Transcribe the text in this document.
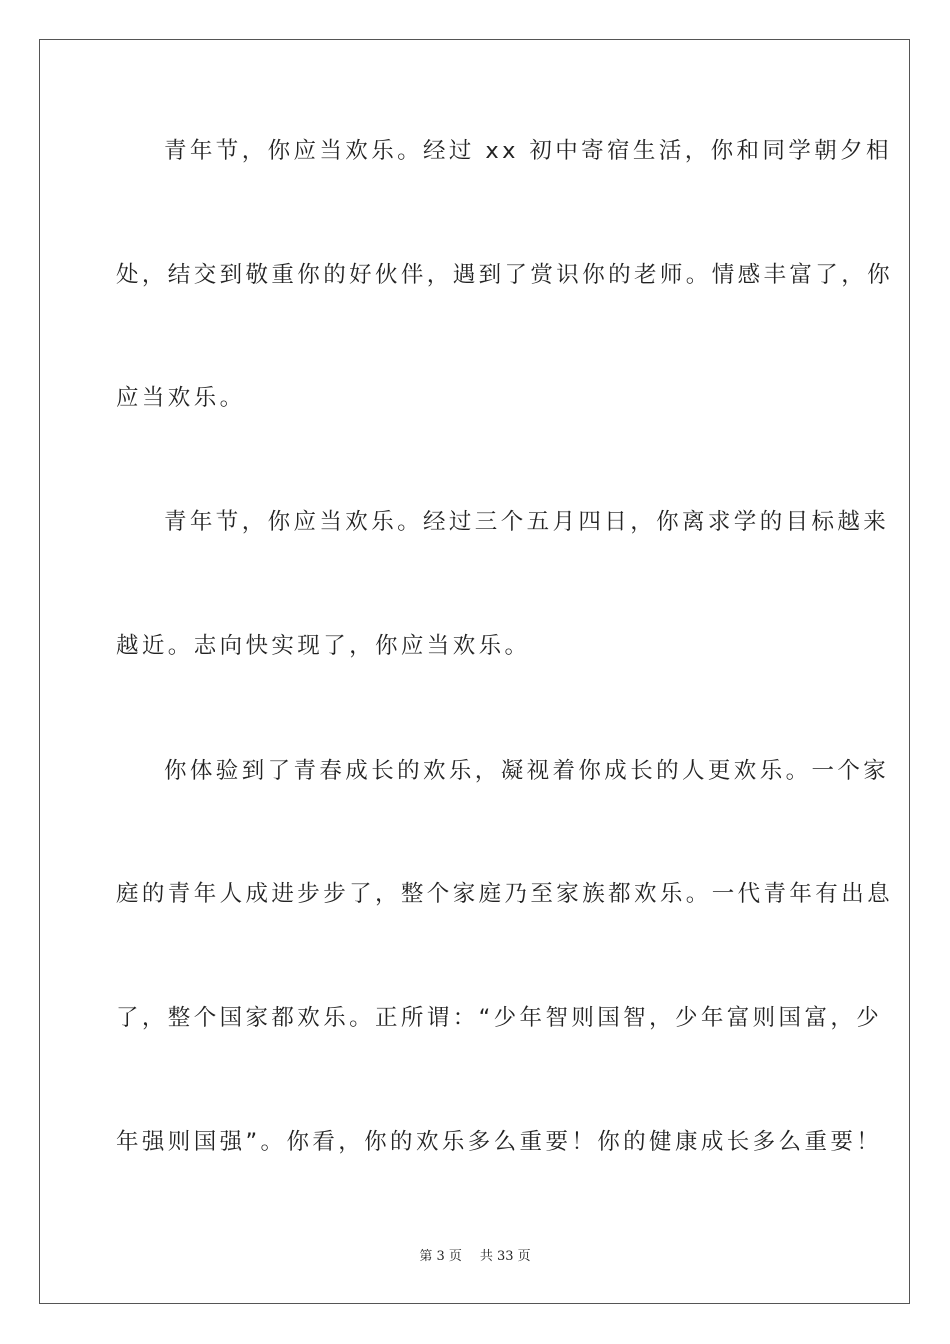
青年节，你应当欢乐。经过 xx 初中寄宿生活，你和同学朝夕相
处，结交到敬重你的好伙伴，遇到了赏识你的老师。情感丰富了，你
应当欢乐。
青年节，你应当欢乐。经过三个五月四日，你离求学的目标越来
越近。志向快实现了，你应当欢乐。
你体验到了青春成长的欢乐，凝视着你成长的人更欢乐。一个家
庭的青年人成进步步了，整个家庭乃至家族都欢乐。一代青年有出息
了，整个国家都欢乐。正所谓：“少年智则国智，少年富则国富，少
年强则国强”。你看，你的欢乐多么重要！你的健康成长多么重要！
第 3 页 共 33 页
